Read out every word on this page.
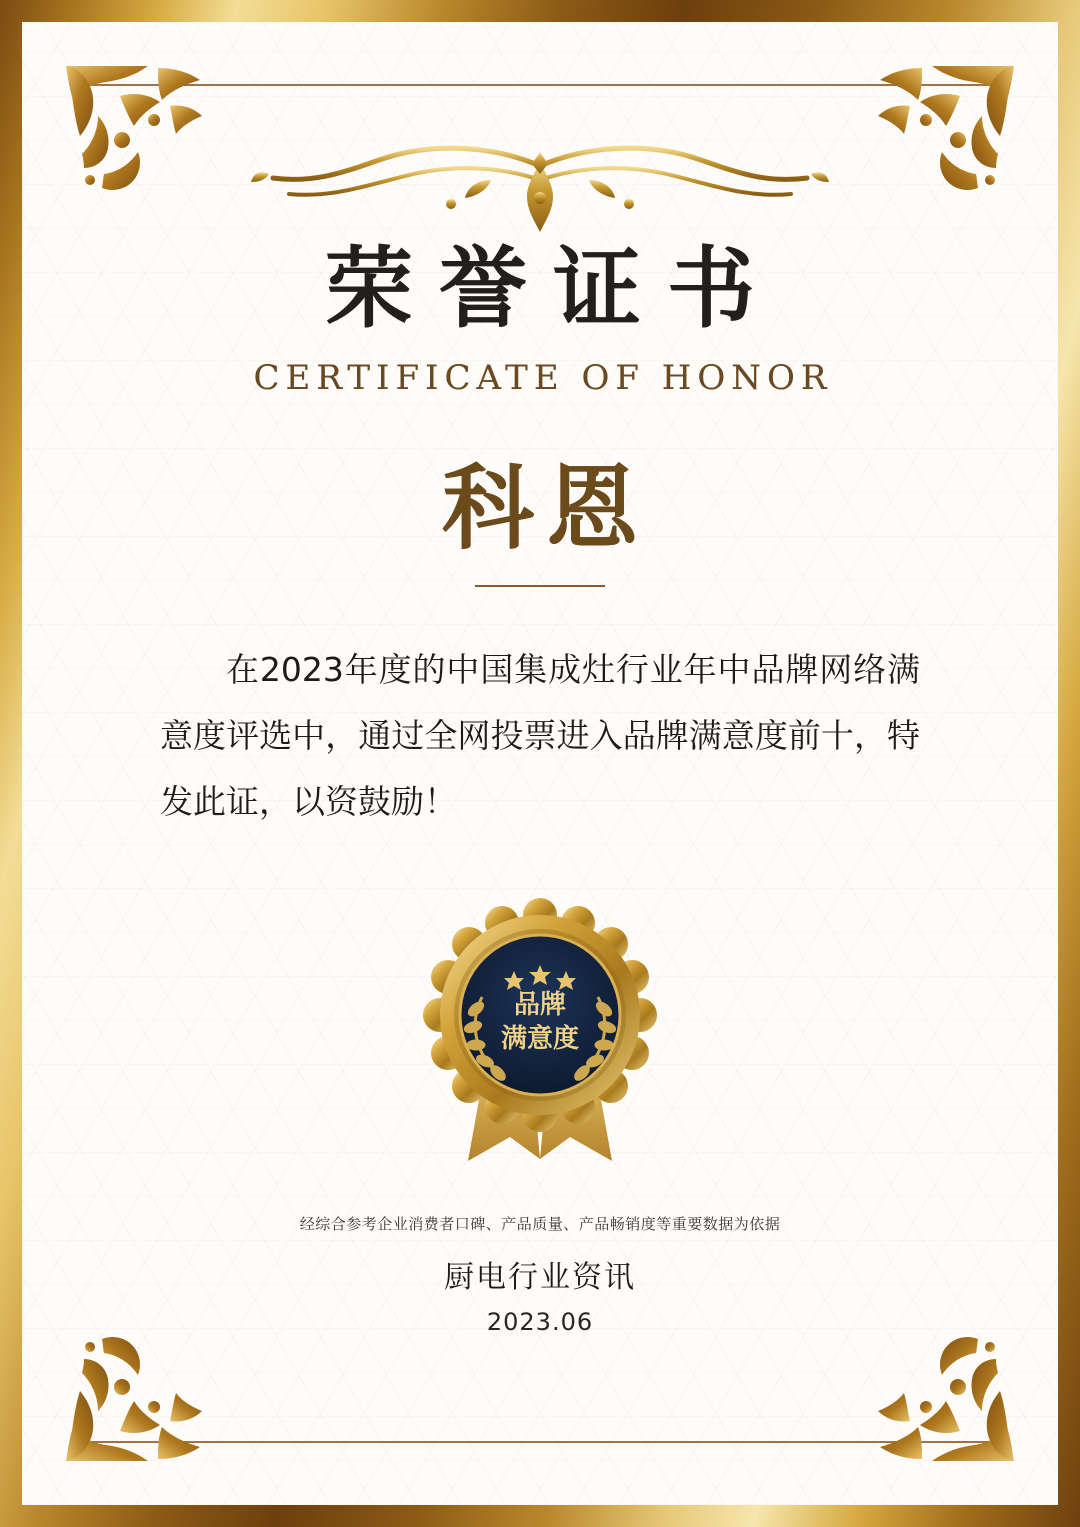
荣誉证书
CERTIFICATE OF HONOR
科恩
在2023年度的中国集成灶行业年中品牌网络满意度评选中，通过全网投票进入品牌满意度前十，特发此证，以资鼓励！
品牌
满意度
经综合参考企业消费者口碑、产品质量、产品畅销度等重要数据为依据
厨电行业资讯
2023.06
